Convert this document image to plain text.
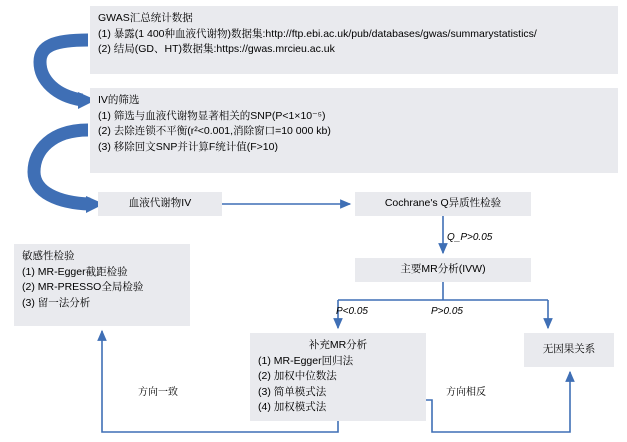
GWAS汇总统计数据
(1) 暴露(1 400种血液代谢物)数据集:http://ftp.ebi.ac.uk/pub/databases/gwas/summarystatistics/
(2) 结局(GD、HT)数据集:https://gwas.mrcieu.ac.uk
IV的筛选
(1) 筛选与血液代谢物显著相关的SNP(P<1×10⁻⁵)
(2) 去除连锁不平衡(r²<0.001,消除窗口=10 000 kb)
(3) 移除回文SNP并计算F统计值(F>10)
血液代谢物IV	Cochrane's Q异质性检验
主要MR分析(IVW)
敏感性检验
(1) MR-Egger截距检验
(2) MR-PRESSO全局检验
(3) 留一法分析
补充MR分析
(1) MR-Egger回归法
(2) 加权中位数法
(3) 简单模式法
(4) 加权模式法
无因果关系
Q_P>0.05
P<0.05	P>0.05
方向一致	方向相反
